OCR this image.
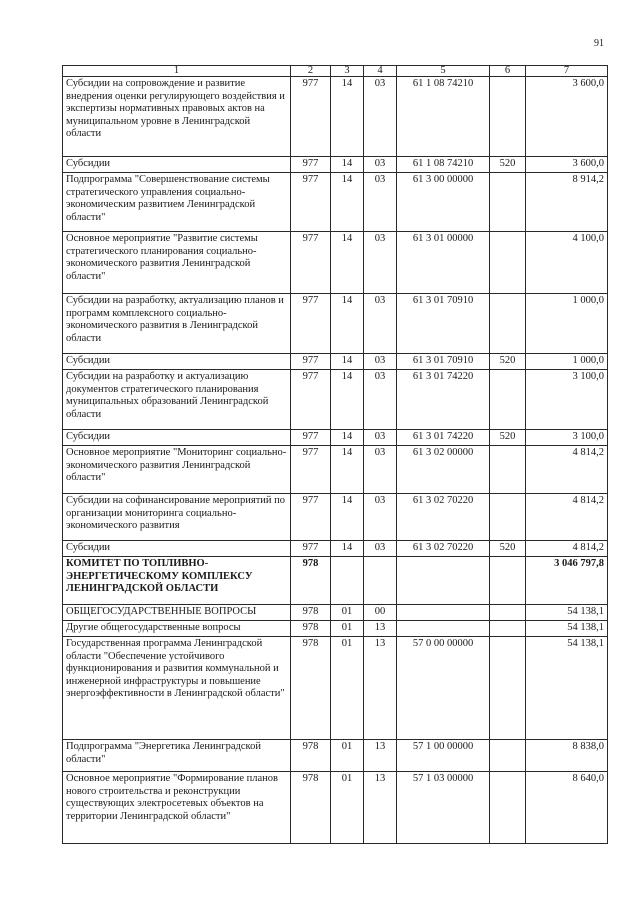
91
1	2	3	4	5	6	7
Субсидии на сопровождение и развитие внедрения оценки регулирующего воздействия и экспертизы нормативных правовых актов на муниципальном уровне в Ленинградской области	977	14	03	61 1 08 74210		3 600,0
Субсидии	977	14	03	61 1 08 74210	520	3 600,0
Подпрограмма "Совершенствование системы стратегического управления социально-экономическим развитием Ленинградской области"	977	14	03	61 3 00 00000		8 914,2
Основное мероприятие "Развитие системы стратегического планирования социально-экономического развития Ленинградской области"	977	14	03	61 3 01 00000		4 100,0
Субсидии на разработку, актуализацию планов и программ комплексного социально-экономического развития в Ленинградской области	977	14	03	61 3 01 70910		1 000,0
Субсидии	977	14	03	61 3 01 70910	520	1 000,0
Субсидии на разработку и актуализацию документов стратегического планирования муниципальных образований Ленинградской области	977	14	03	61 3 01 74220		3 100,0
Субсидии	977	14	03	61 3 01 74220	520	3 100,0
Основное мероприятие "Мониторинг социально-экономического развития Ленинградской области"	977	14	03	61 3 02 00000		4 814,2
Субсидии на софинансирование мероприятий по организации мониторинга социально-экономического развития	977	14	03	61 3 02 70220		4 814,2
Субсидии	977	14	03	61 3 02 70220	520	4 814,2
КОМИТЕТ ПО ТОПЛИВНО-ЭНЕРГЕТИЧЕСКОМУ КОМПЛЕКСУ ЛЕНИНГРАДСКОЙ ОБЛАСТИ	978					3 046 797,8
ОБЩЕГОСУДАРСТВЕННЫЕ ВОПРОСЫ	978	01	00			54 138,1
Другие общегосударственные вопросы	978	01	13			54 138,1
Государственная программа Ленинградской области "Обеспечение устойчивого функционирования и развития коммунальной и инженерной инфраструктуры и повышение энергоэффективности в Ленинградской области"	978	01	13	57 0 00 00000		54 138,1
Подпрограмма "Энергетика Ленинградской области"	978	01	13	57 1 00 00000		8 838,0
Основное мероприятие "Формирование планов нового строительства и реконструкции существующих электросетевых объектов на территории Ленинградской области"	978	01	13	57 1 03 00000		8 640,0
